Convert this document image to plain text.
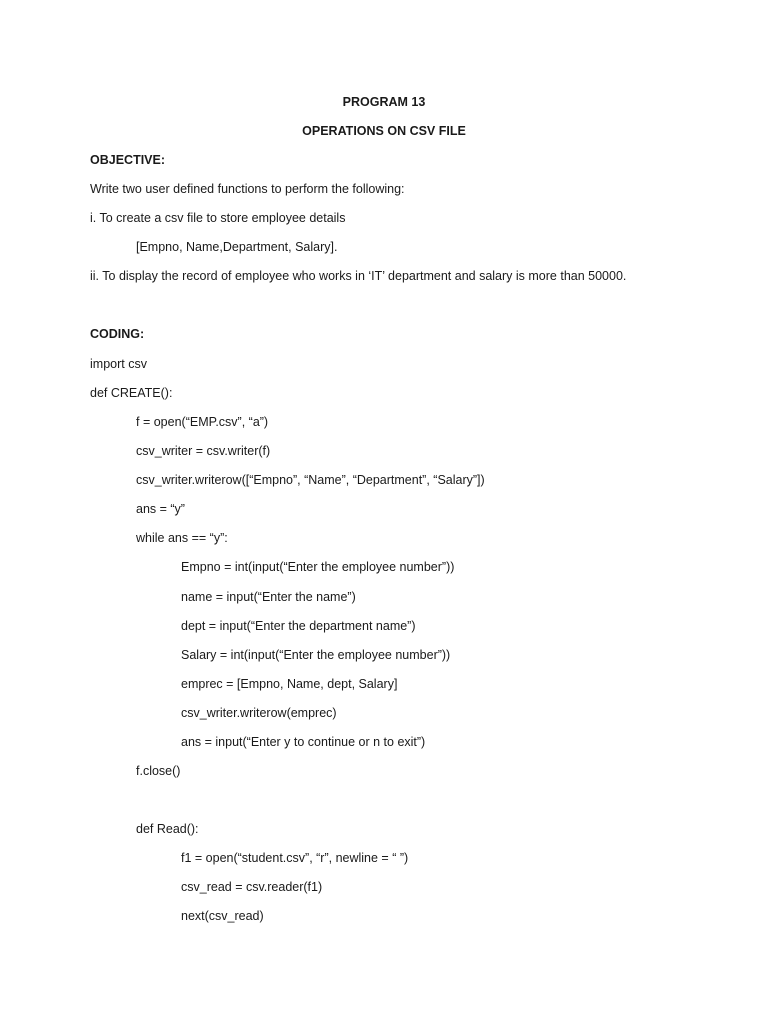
PROGRAM 13
OPERATIONS ON CSV FILE
OBJECTIVE:
Write two user defined functions to perform the following:
i. To create a csv file to store employee details
[Empno, Name,Department, Salary].
ii. To display the record of employee who works in ‘IT’ department and salary is more than 50000.
CODING:
import csv
def CREATE():
f = open(“EMP.csv”, “a”)
csv_writer = csv.writer(f)
csv_writer.writerow([“Empno”, “Name”, “Department”, “Salary”])
ans = “y”
while ans == “y”:
Empno = int(input(“Enter the employee number”))
name = input(“Enter the name”)
dept = input(“Enter the department name”)
Salary = int(input(“Enter the employee number”))
emprec = [Empno, Name, dept, Salary]
csv_writer.writerow(emprec)
ans = input(“Enter y to continue or n to exit”)
f.close()
def Read():
f1 = open(“student.csv”, “r”, newline = “ ”)
csv_read = csv.reader(f1)
next(csv_read)
